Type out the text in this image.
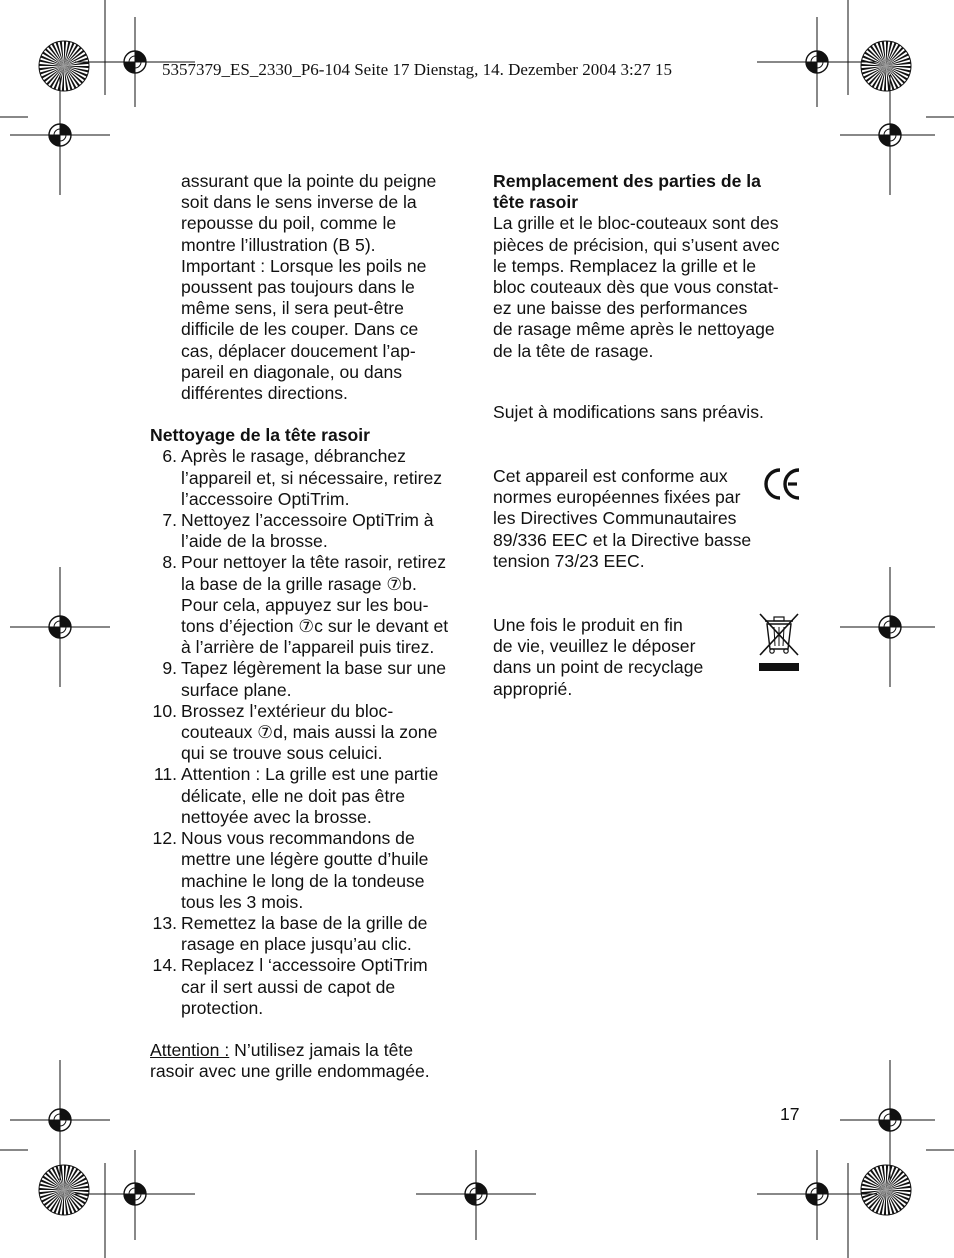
5357379_ES_2330_P6-104 Seite 17 Dienstag, 14. Dezember 2004 3:27 15

assurant que la pointe du peigne

soit dans le sens inverse de la

repousse du poil, comme le

montre l’illustration (B 5).

Important : Lorsque les poils ne

poussent pas toujours dans le

même sens, il sera peut-être

difficile de les couper. Dans ce

cas, déplacer doucement l’ap-

pareil en diagonale, ou dans

différentes directions.

Nettoyage de la tête rasoir

6. Après le rasage, débranchez

l’appareil et, si nécessaire, retirez

l’accessoire OptiTrim.

7. Nettoyez l’accessoire OptiTrim à

l’aide de la brosse.

8. Pour nettoyer la tête rasoir, retirez

la base de la grille rasage ⑦b.

Pour cela, appuyez sur les bou-

tons d’éjection ⑦c sur le devant et

à l’arrière de l’appareil puis tirez.

9. Tapez légèrement la base sur une

surface plane.

10. Brossez l’extérieur du bloc-

couteaux ⑦d, mais aussi la zone

qui se trouve sous celuici.

11. Attention : La grille est une partie

délicate, elle ne doit pas être

nettoyée avec la brosse.

12. Nous vous recommandons de

mettre une légère goutte d’huile

machine le long de la tondeuse

tous les 3 mois.

13. Remettez la base de la grille de

rasage en place jusqu’au clic.

14. Replacez l ‘accessoire OptiTrim

car il sert aussi de capot de

protection.

Attention : N’utilisez jamais la tête

rasoir avec une grille endommagée.

Remplacement des parties de la

tête rasoir

La grille et le bloc-couteaux sont des

pièces de précision, qui s’usent avec

le temps. Remplacez la grille et le

bloc couteaux dès que vous constat-

ez une baisse des performances

de rasage même après le nettoyage

de la tête de rasage.

Sujet à modifications sans préavis.

Cet appareil est conforme aux

normes européennes fixées par

les Directives Communautaires

89/336 EEC et la Directive basse

tension 73/23 EEC.

Une fois le produit en fin

de vie, veuillez le déposer

dans un point de recyclage

approprié.

17
